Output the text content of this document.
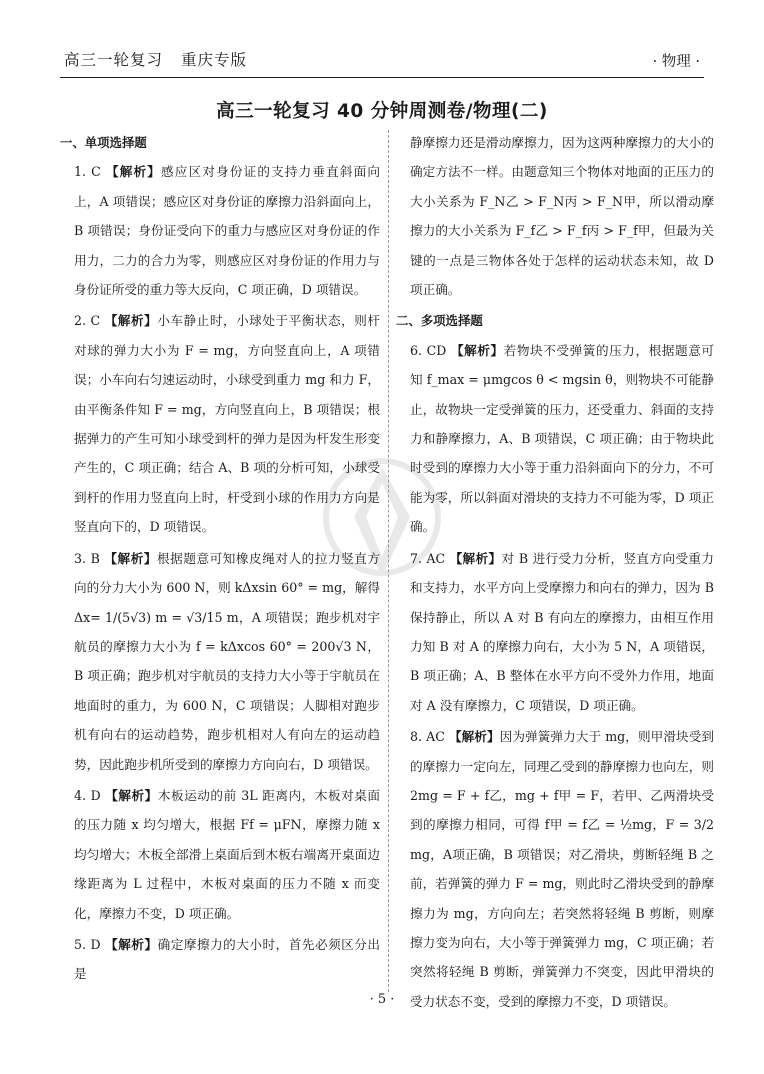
高三一轮复习 重庆专版	· 物理 ·
高三一轮复习 40 分钟周测卷/物理(二)
一、单项选择题
1. C 【解析】感应区对身份证的支持力垂直斜面向上，A 项错误；感应区对身份证的摩擦力沿斜面向上，B 项错误；身份证受向下的重力与感应区对身份证的作用力，二力的合力为零，则感应区对身份证的作用力与身份证所受的重力等大反向，C 项正确，D 项错误。
2. C 【解析】小车静止时，小球处于平衡状态，则杆对球的弹力大小为 F = mg，方向竖直向上，A 项错误；小车向右匀速运动时，小球受到重力 mg 和力 F，由平衡条件知 F = mg，方向竖直向上，B 项错误；根据弹力的产生可知小球受到杆的弹力是因为杆发生形变产生的，C 项正确；结合 A、B 项的分析可知，小球受到杆的作用力竖直向上时，杆受到小球的作用力方向是竖直向下的，D 项错误。
3. B 【解析】根据题意可知橡皮绳对人的拉力竖直方向的分力大小为 600 N，则 kΔxsin 60° = mg，解得 Δx= 1/(5√3) m = √3/15 m，A 项错误；跑步机对宇航员的摩擦力大小为 f = kΔxcos 60° = 200√3 N，B 项正确；跑步机对宇航员的支持力大小等于宇航员在地面时的重力，为 600 N，C 项错误；人脚相对跑步机有向右的运动趋势，跑步机相对人有向左的运动趋势，因此跑步机所受到的摩擦力方向向右，D 项错误。
4. D 【解析】木板运动的前 3L 距离内，木板对桌面的压力随 x 均匀增大，根据 Ff = μFN，摩擦力随 x 均匀增大；木板全部滑上桌面后到木板右端离开桌面边缘距离为 L 过程中，木板对桌面的压力不随 x 而变化，摩擦力不变，D 项正确。
5. D 【解析】确定摩擦力的大小时，首先必须区分出是
静摩擦力还是滑动摩擦力，因为这两种摩擦力的大小的确定方法不一样。由题意知三个物体对地面的正压力的大小关系为 F_N乙 > F_N丙 > F_N甲，所以滑动摩擦力的大小关系为 F_f乙 > F_f丙 > F_f甲，但最为关键的一点是三物体各处于怎样的运动状态未知，故 D 项正确。
二、多项选择题
6. CD 【解析】若物块不受弹簧的压力，根据题意可知 f_max = μmgcos θ < mgsin θ，则物块不可能静止，故物块一定受弹簧的压力，还受重力、斜面的支持力和静摩擦力，A、B 项错误，C 项正确；由于物块此时受到的摩擦力大小等于重力沿斜面向下的分力，不可能为零，所以斜面对滑块的支持力不可能为零，D 项正确。
7. AC 【解析】对 B 进行受力分析，竖直方向受重力和支持力，水平方向上受摩擦力和向右的弹力，因为 B 保持静止，所以 A 对 B 有向左的摩擦力，由相互作用力知 B 对 A 的摩擦力向右，大小为 5 N，A 项错误，B 项正确；A、B 整体在水平方向不受外力作用，地面对 A 没有摩擦力，C 项错误，D 项正确。
8. AC 【解析】因为弹簧弹力大于 mg，则甲滑块受到的摩擦力一定向左，同理乙受到的静摩擦力也向左，则 2mg = F + f乙，mg + f甲 = F，若甲、乙两滑块受到的摩擦力相同，可得 f甲 = f乙 = ½mg，F = 3/2 mg，A项正确，B 项错误；对乙滑块，剪断轻绳 B 之前，若弹簧的弹力 F = mg，则此时乙滑块受到的静摩擦力为 mg，方向向左；若突然将轻绳 B 剪断，则摩擦力变为向右，大小等于弹簧弹力 mg，C 项正确；若突然将轻绳 B 剪断，弹簧弹力不突变，因此甲滑块的受力状态不变，受到的摩擦力不变，D 项错误。
· 5 ·
